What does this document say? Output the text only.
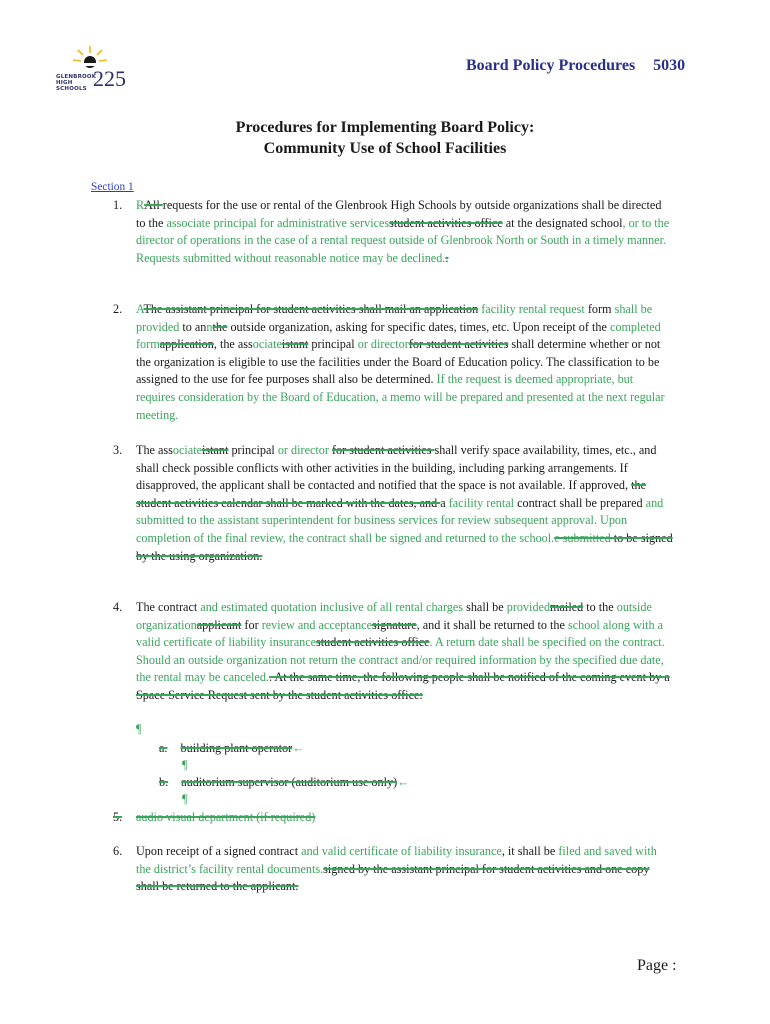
GLENBROOK HIGH SCHOOLS 225
Board Policy Procedures 5030
Procedures for Implementing Board Policy:
Community Use of School Facilities
Section 1
1. RAll requests for the use or rental of the Glenbrook High Schools by outside organizations shall be directed to the associate principal for administrative servicesstudent activities office at the designated school, or to the director of operations in the case of a rental request outside of Glenbrook North or South in a timely manner. Requests submitted without reasonable notice may be declined..
2. AThe assistant principal for student activities shall mail an application facility rental request form shall be provided to annthe outside organization, asking for specific dates, times, etc. Upon receipt of the completed formapplication, the associateistant principal or directorfor student activities shall determine whether or not the organization is eligible to use the facilities under the Board of Education policy. The classification to be assigned to the use for fee purposes shall also be determined. If the request is deemed appropriate, but requires consideration by the Board of Education, a memo will be prepared and presented at the next regular meeting.
3. The associateistant principal or director for student activities shall verify space availability, times, etc., and shall check possible conflicts with other activities in the building, including parking arrangements. If disapproved, the applicant shall be contacted and notified that the space is not available. If approved, the student activities calendar shall be marked with the dates, and a facility rental contract shall be prepared and submitted to the assistant superintendent for business services for review subsequent approval. Upon completion of the final review, the contract shall be signed and returned to the school.e submitted to be signed by the using organization.
4. The contract and estimated quotation inclusive of all rental charges shall be providedmailed to the outside organizationapplicant for review and acceptancesignature, and it shall be returned to the school along with a valid certificate of liability insurancestudent activities office. A return date shall be specified on the contract. Should an outside organization not return the contract and/or required information by the specified due date, the rental may be canceled.. At the same time, the following people shall be notified of the coming event by a Space Service Request sent by the student activities office:
¶
a. building plant operator←
¶
b. auditorium supervisor (auditorium use only)←
¶
5. audio visual department (if required)
6. Upon receipt of a signed contract and valid certificate of liability insurance, it shall be filed and saved with the district’s facility rental documents.signed by the assistant principal for student activities and one copy shall be returned to the applicant.
Page :
